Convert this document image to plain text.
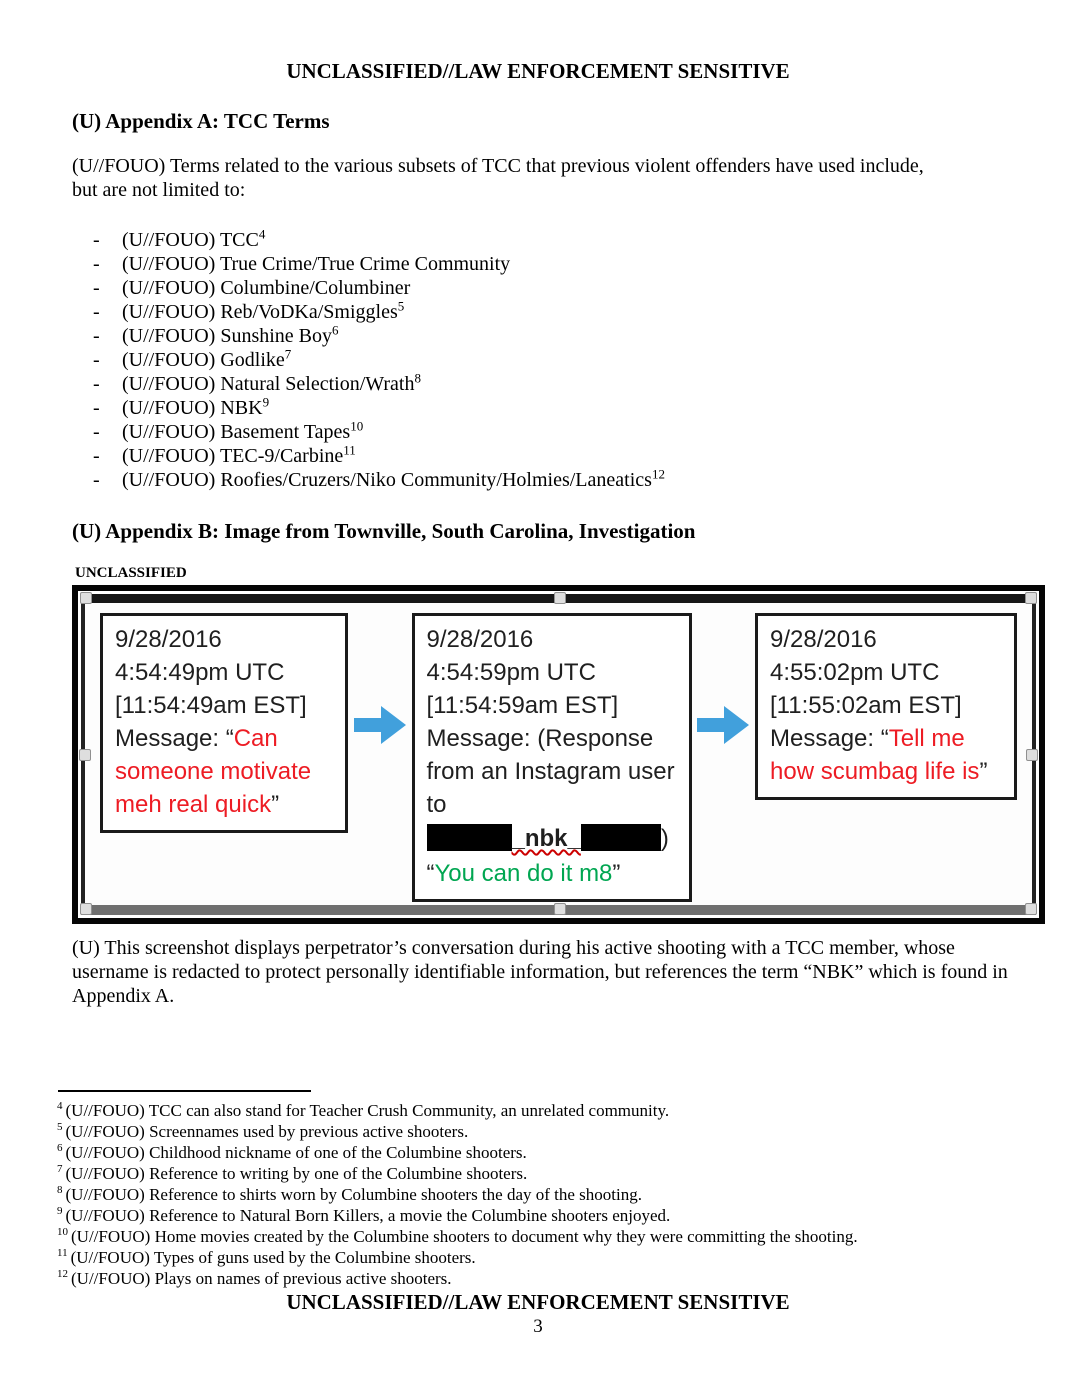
UNCLASSIFIED//LAW ENFORCEMENT SENSITIVE
(U) Appendix A: TCC Terms
(U//FOUO) Terms related to the various subsets of TCC that previous violent offenders have used include,
but are not limited to:
- (U//FOUO) TCC$^4$
- (U//FOUO) True Crime/True Crime Community
- (U//FOUO) Columbine/Columbiner
- (U//FOUO) Reb/VoDKa/Smiggles$^5$
- (U//FOUO) Sunshine Boy$^6$
- (U//FOUO) Godlike$^7$
- (U//FOUO) Natural Selection/Wrath$^8$
- (U//FOUO) NBK$^9$
- (U//FOUO) Basement Tapes$^{10}$
- (U//FOUO) TEC-9/Carbine$^{11}$
- (U//FOUO) Roofies/Cruzers/Niko Community/Holmies/Laneatics$^{12}$
(U) Appendix B: Image from Townville, South Carolina, Investigation
UNCLASSIFIED
9/28/2016
4:54:49pm UTC
[11:54:49am EST]
Message: “Can someone motivate meh real quick”
9/28/2016
4:54:59pm UTC
[11:54:59am EST]
Message: (Response from an Instagram user to
_nbk_	)
“You can do it m8”
9/28/2016
4:55:02pm UTC
[11:55:02am EST]
Message: “Tell me how scumbag life is”
(U) This screenshot displays perpetrator’s conversation during his active shooting with a TCC member, whose username is redacted to protect personally identifiable information, but references the term “NBK” which is found in Appendix A.
$^4$ (U//FOUO) TCC can also stand for Teacher Crush Community, an unrelated community.
$^5$ (U//FOUO) Screennames used by previous active shooters.
$^6$ (U//FOUO) Childhood nickname of one of the Columbine shooters.
$^7$ (U//FOUO) Reference to writing by one of the Columbine shooters.
$^8$ (U//FOUO) Reference to shirts worn by Columbine shooters the day of the shooting.
$^9$ (U//FOUO) Reference to Natural Born Killers, a movie the Columbine shooters enjoyed.
$^{10}$ (U//FOUO) Home movies created by the Columbine shooters to document why they were committing the shooting.
$^{11}$ (U//FOUO) Types of guns used by the Columbine shooters.
$^{12}$ (U//FOUO) Plays on names of previous active shooters.
UNCLASSIFIED//LAW ENFORCEMENT SENSITIVE
3
